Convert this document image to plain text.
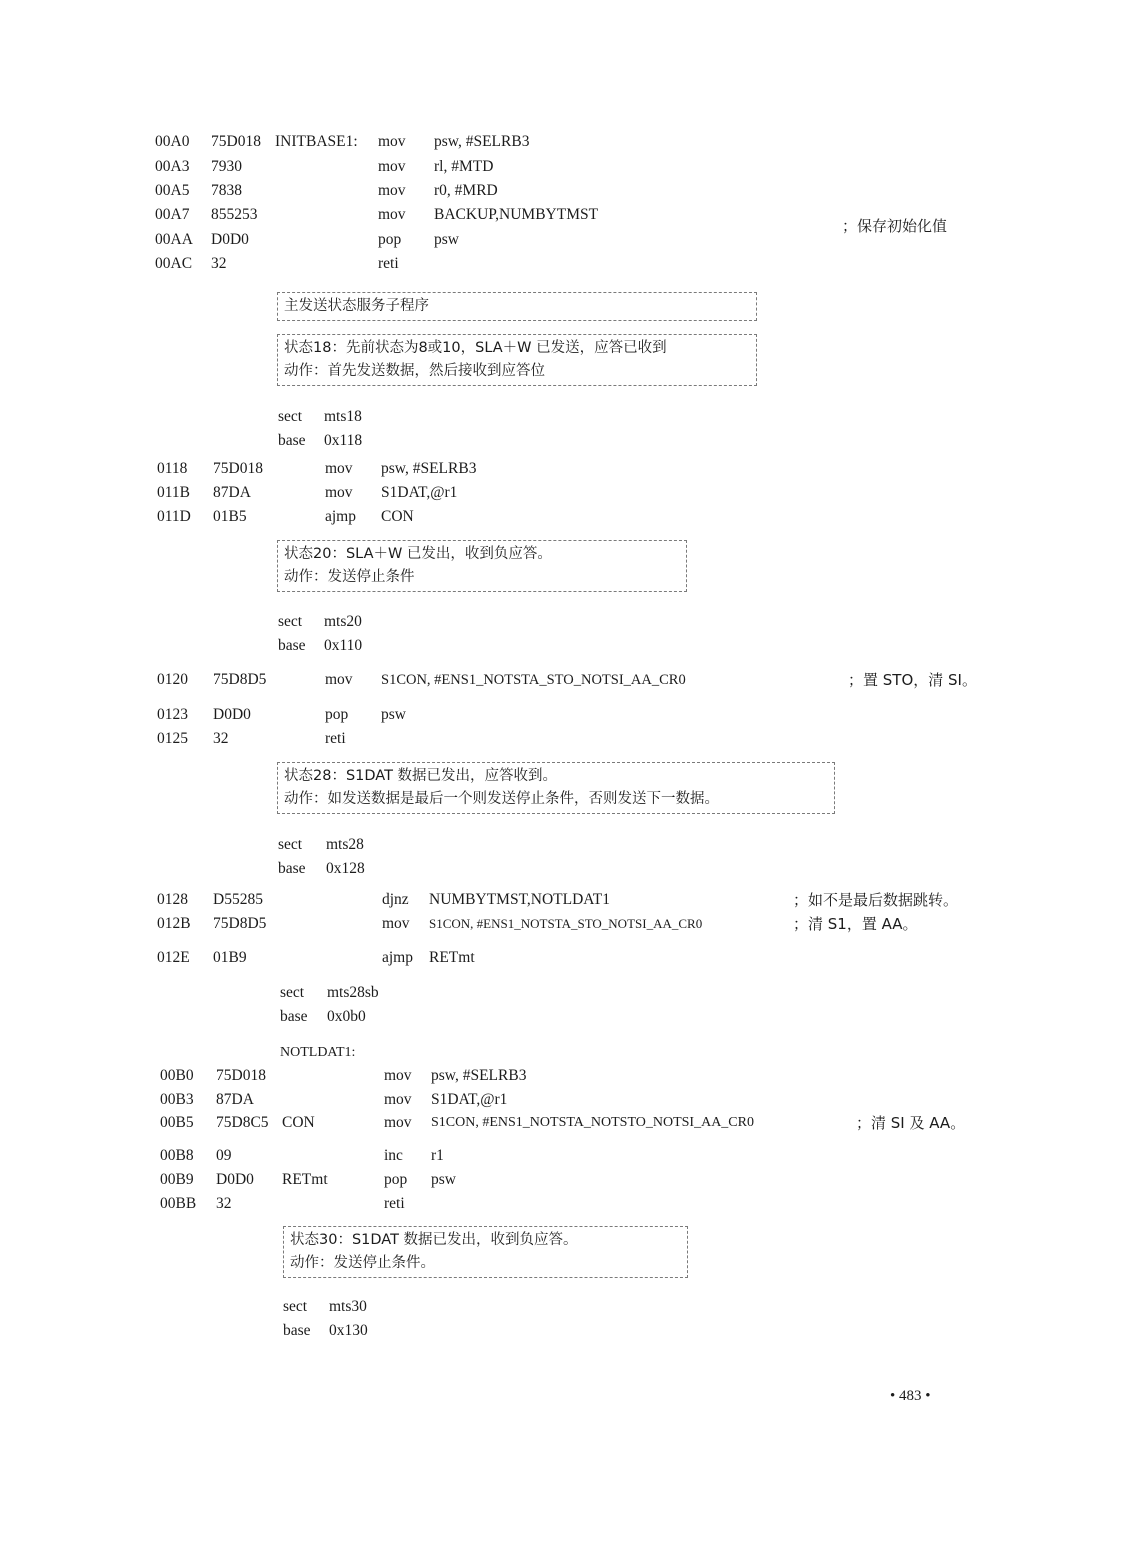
00A0 75D018 INITBASE1: mov psw, #SELRB3
00A3 7930	mov rl, #MTD
00A5 7838	mov r0, #MRD
00A7 855253	mov BACKUP,NUMBYTMST
；保存初始化值
00AA D0D0	pop psw
00AC 32	reti
主发送状态服务子程序
状态18：先前状态为8或10，SLA＋W 已发送，应答已收到
动作：首先发送数据，然后接收到应答位
sect mts18
base 0x118
0118 75D018	mov psw, #SELRB3
011B 87DA	mov S1DAT,@r1
011D 01B5	ajmp CON
状态20：SLA＋W 已发出，收到负应答。
动作：发送停止条件
sect mts20
base 0x110
0120 75D8D5	mov S1CON, #ENS1_NOTSTA_STO_NOTSI_AA_CR0	；置 STO，清 SI。
0123 D0D0	pop psw
0125 32	reti
状态28：S1DAT 数据已发出，应答收到。
动作：如发送数据是最后一个则发送停止条件，否则发送下一数据。
sect mts28
base 0x128
0128 D55285	djnz NUMBYTMST,NOTLDAT1	；如不是最后数据跳转。
012B 75D8D5	mov S1CON, #ENS1_NOTSTA_STO_NOTSI_AA_CR0	；清 S1，置 AA。
012E 01B9	ajmp RETmt
sect mts28sb
base 0x0b0
NOTLDAT1:
00B0 75D018	mov psw, #SELRB3
00B3 87DA	mov S1DAT,@r1
00B5 75D8C5 CON	mov S1CON, #ENS1_NOTSTA_NOTSTO_NOTSI_AA_CR0	；清 SI 及 AA。
00B8 09	inc r1
00B9 D0D0 RETmt	pop psw
00BB 32	reti
状态30：S1DAT 数据已发出，收到负应答。
动作：发送停止条件。
sect mts30
base 0x130
• 483 •
